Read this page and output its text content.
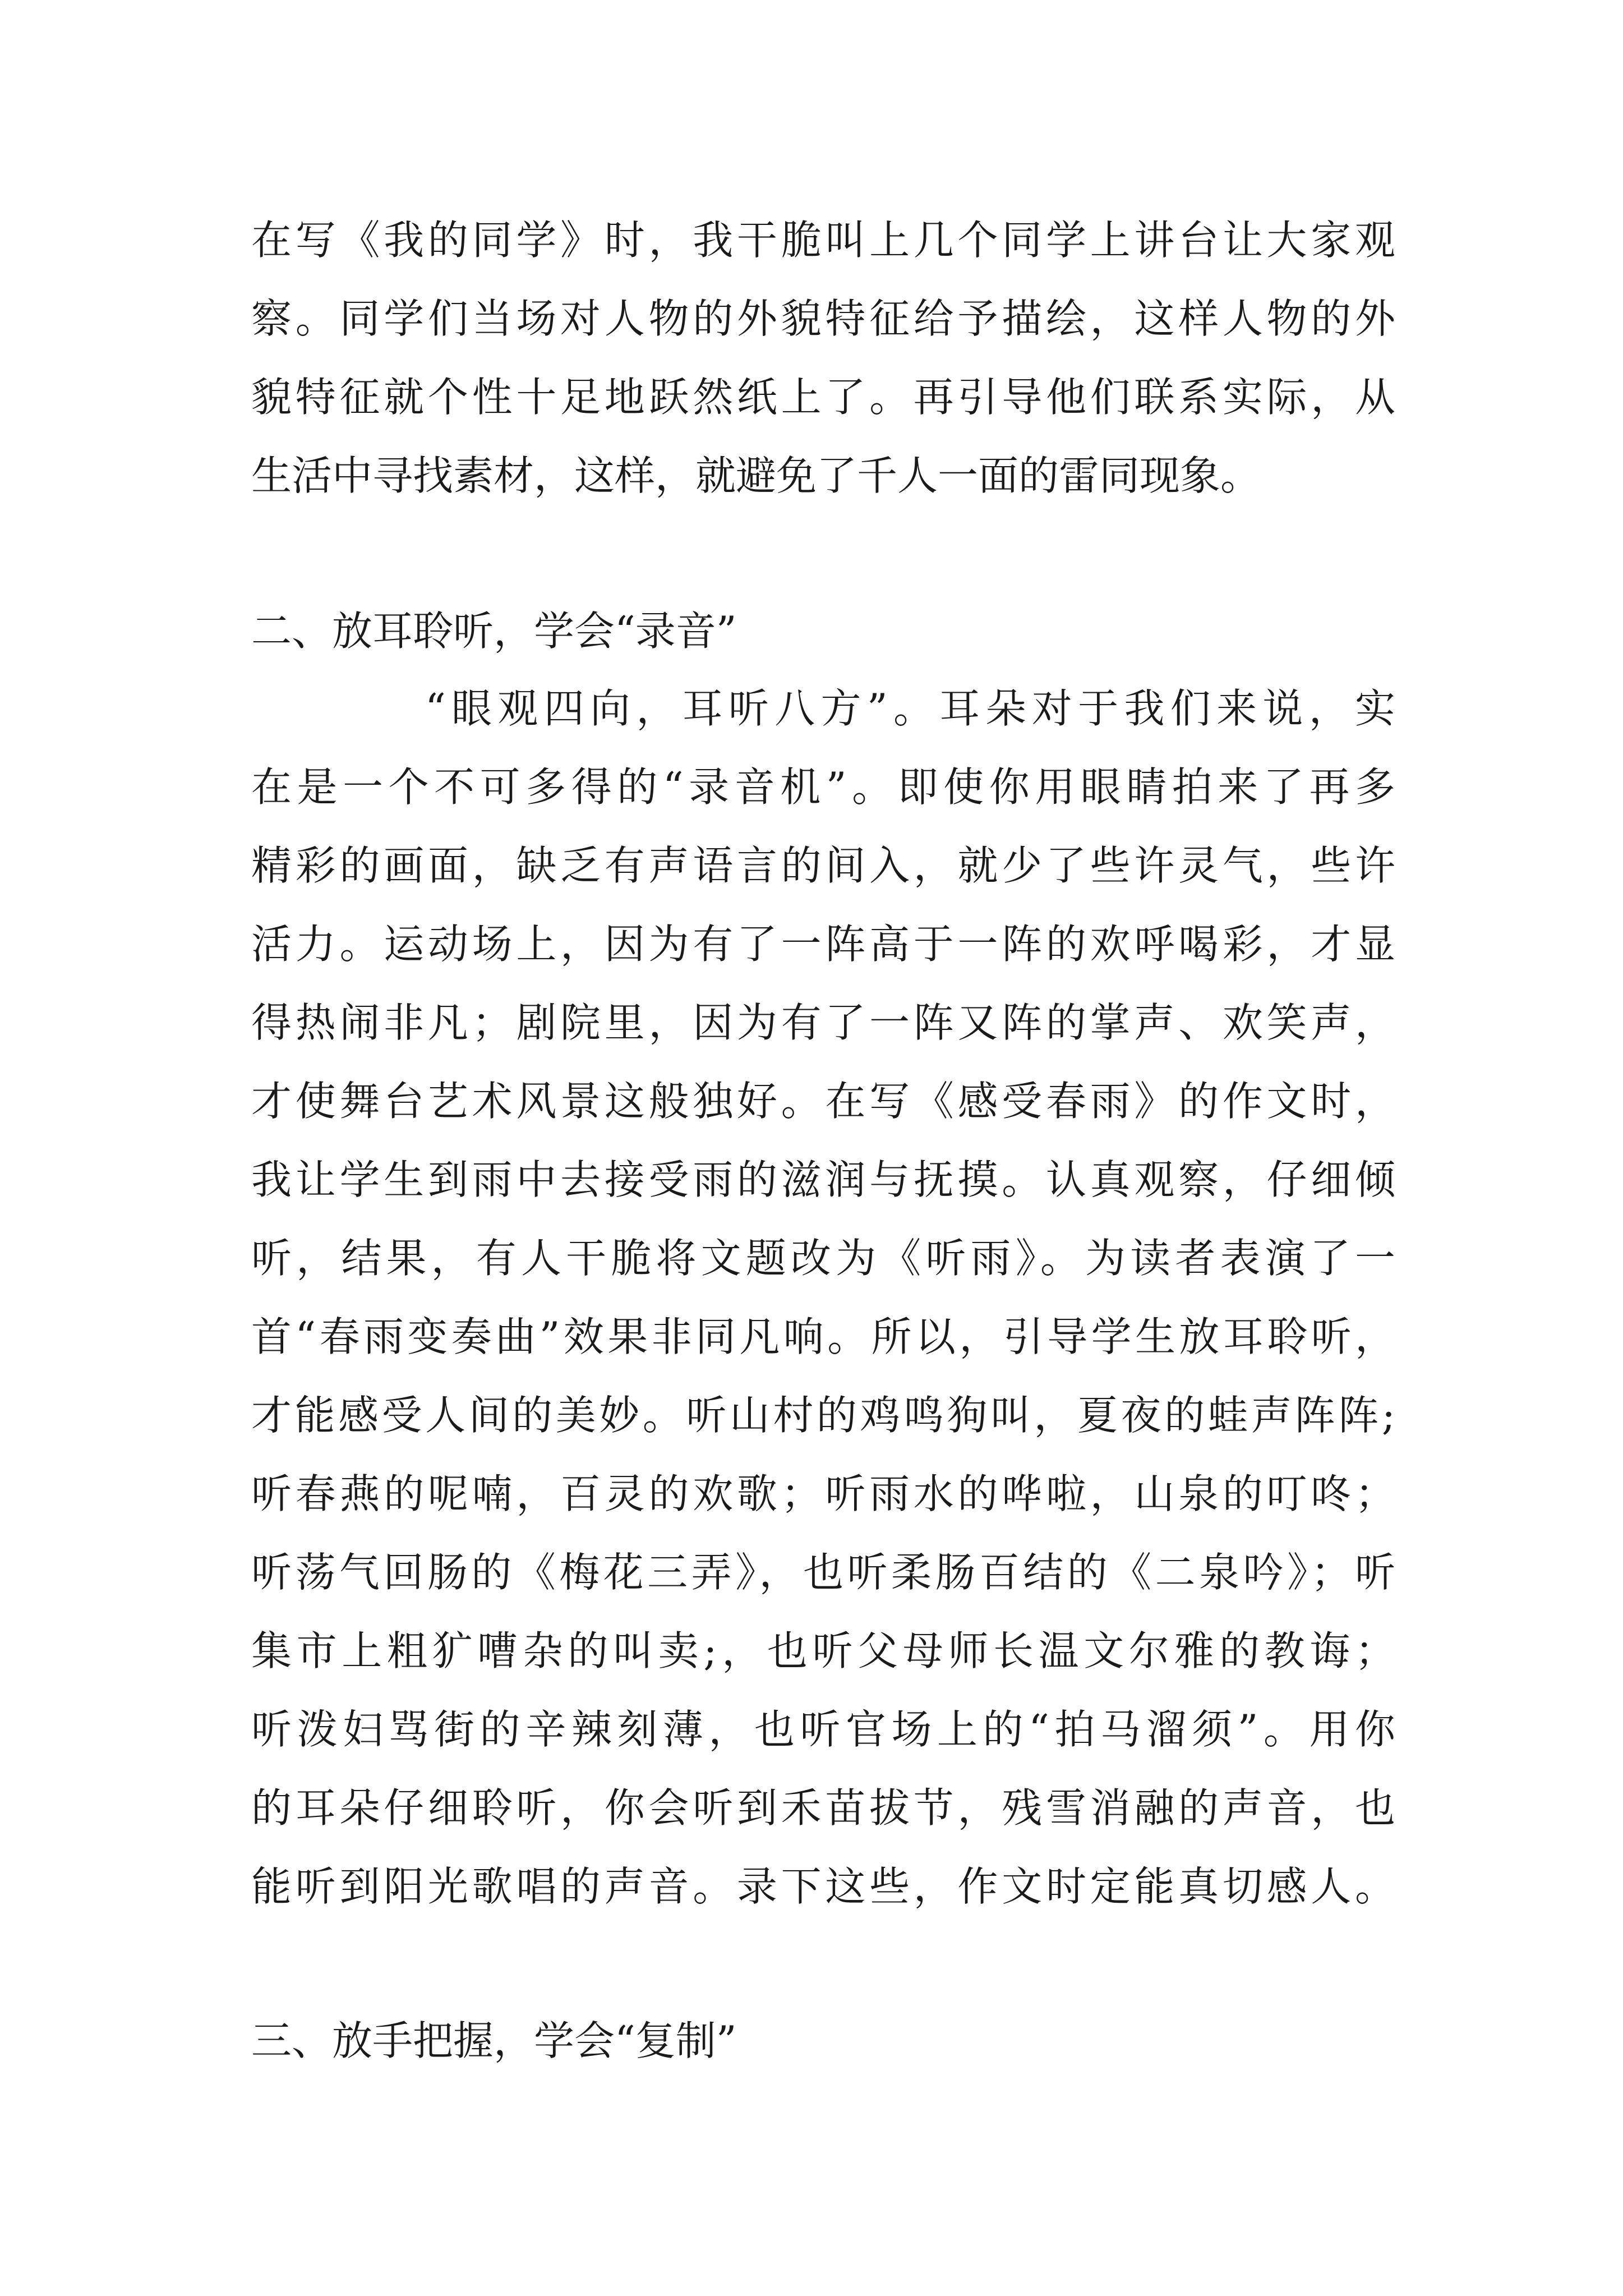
在写《我的同学》时，我干脆叫上几个同学上讲台让大家观
察。同学们当场对人物的外貌特征给予描绘，这样人物的外
貌特征就个性十足地跃然纸上了。再引导他们联系实际，从
生活中寻找素材，这样，就避免了千人一面的雷同现象。
二、放耳聆听，学会“录音”
“眼观四向，耳听八方”。耳朵对于我们来说，实
在是一个不可多得的“录音机”。即使你用眼睛拍来了再多
精彩的画面，缺乏有声语言的间入，就少了些许灵气，些许
活力。运动场上，因为有了一阵高于一阵的欢呼喝彩，才显
得热闹非凡；剧院里，因为有了一阵又阵的掌声、欢笑声，
才使舞台艺术风景这般独好。在写《感受春雨》的作文时，
我让学生到雨中去接受雨的滋润与抚摸。认真观察，仔细倾
听，结果，有人干脆将文题改为《听雨》。为读者表演了一
首“春雨变奏曲”效果非同凡响。所以，引导学生放耳聆听，
才能感受人间的美妙。听山村的鸡鸣狗叫，夏夜的蛙声阵阵;
听春燕的呢喃，百灵的欢歌；听雨水的哗啦，山泉的叮咚；
听荡气回肠的《梅花三弄》，也听柔肠百结的《二泉吟》；听
集市上粗犷嘈杂的叫卖;，也听父母师长温文尔雅的教诲；
听泼妇骂街的辛辣刻薄，也听官场上的“拍马溜须”。用你
的耳朵仔细聆听，你会听到禾苗拔节，残雪消融的声音，也
能听到阳光歌唱的声音。录下这些，作文时定能真切感人。
三、放手把握，学会“复制”
